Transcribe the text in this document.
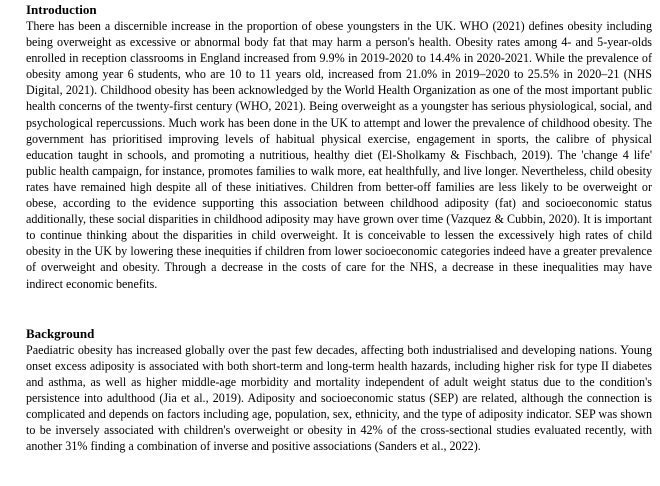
Introduction

There has been a discernible increase in the proportion of obese youngsters in the UK. WHO (2021) defines obesity including being overweight as excessive or abnormal body fat that may harm a person's health. Obesity rates among 4- and 5-year-olds enrolled in reception classrooms in England increased from 9.9% in 2019-2020 to 14.4% in 2020-2021. While the prevalence of obesity among year 6 students, who are 10 to 11 years old, increased from 21.0% in 2019–2020 to 25.5% in 2020–21 (NHS Digital, 2021). Childhood obesity has been acknowledged by the World Health Organization as one of the most important public health concerns of the twenty-first century (WHO, 2021). Being overweight as a youngster has serious physiological, social, and psychological repercussions. Much work has been done in the UK to attempt and lower the prevalence of childhood obesity. The government has prioritised improving levels of habitual physical exercise, engagement in sports, the calibre of physical education taught in schools, and promoting a nutritious, healthy diet (El-Sholkamy & Fischbach, 2019). The 'change 4 life' public health campaign, for instance, promotes families to walk more, eat healthfully, and live longer. Nevertheless, child obesity rates have remained high despite all of these initiatives. Children from better-off families are less likely to be overweight or obese, according to the evidence supporting this association between childhood adiposity (fat) and socioeconomic status additionally, these social disparities in childhood adiposity may have grown over time (Vazquez & Cubbin, 2020). It is important to continue thinking about the disparities in child overweight. It is conceivable to lessen the excessively high rates of child obesity in the UK by lowering these inequities if children from lower socioeconomic categories indeed have a greater prevalence of overweight and obesity. Through a decrease in the costs of care for the NHS, a decrease in these inequalities may have indirect economic benefits.

Background

Paediatric obesity has increased globally over the past few decades, affecting both industrialised and developing nations. Young onset excess adiposity is associated with both short-term and long-term health hazards, including higher risk for type II diabetes and asthma, as well as higher middle-age morbidity and mortality independent of adult weight status due to the condition's persistence into adulthood (Jia et al., 2019). Adiposity and socioeconomic status (SEP) are related, although the connection is complicated and depends on factors including age, population, sex, ethnicity, and the type of adiposity indicator. SEP was shown to be inversely associated with children's overweight or obesity in 42% of the cross-sectional studies evaluated recently, with another 31% finding a combination of inverse and positive associations (Sanders et al., 2022).
